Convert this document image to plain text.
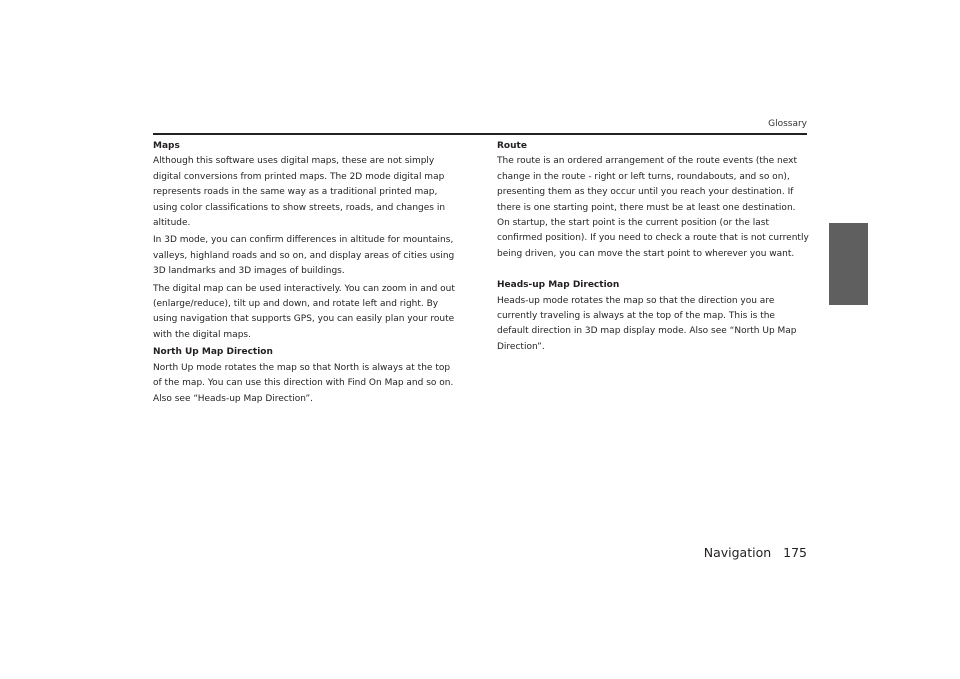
Glossary

Maps

Although this software uses digital maps, these are not simply digital conversions from printed maps. The 2D mode digital map represents roads in the same way as a traditional printed map, using color classifications to show streets, roads, and changes in altitude.

In 3D mode, you can confirm differences in altitude for mountains, valleys, highland roads and so on, and display areas of cities using 3D landmarks and 3D images of buildings.

The digital map can be used interactively. You can zoom in and out (enlarge/reduce), tilt up and down, and rotate left and right. By using navigation that supports GPS, you can easily plan your route with the digital maps.

North Up Map Direction

North Up mode rotates the map so that North is always at the top of the map. You can use this direction with Find On Map and so on. Also see “Heads-up Map Direction”.

Route

The route is an ordered arrangement of the route events (the next change in the route - right or left turns, roundabouts, and so on), presenting them as they occur until you reach your destination. If there is one starting point, there must be at least one destination. On startup, the start point is the current position (or the last confirmed position). If you need to check a route that is not currently being driven, you can move the start point to wherever you want.

Heads-up Map Direction

Heads-up mode rotates the map so that the direction you are currently traveling is always at the top of the map. This is the default direction in 3D map display mode. Also see “North Up Map Direction”.

Navigation 175
